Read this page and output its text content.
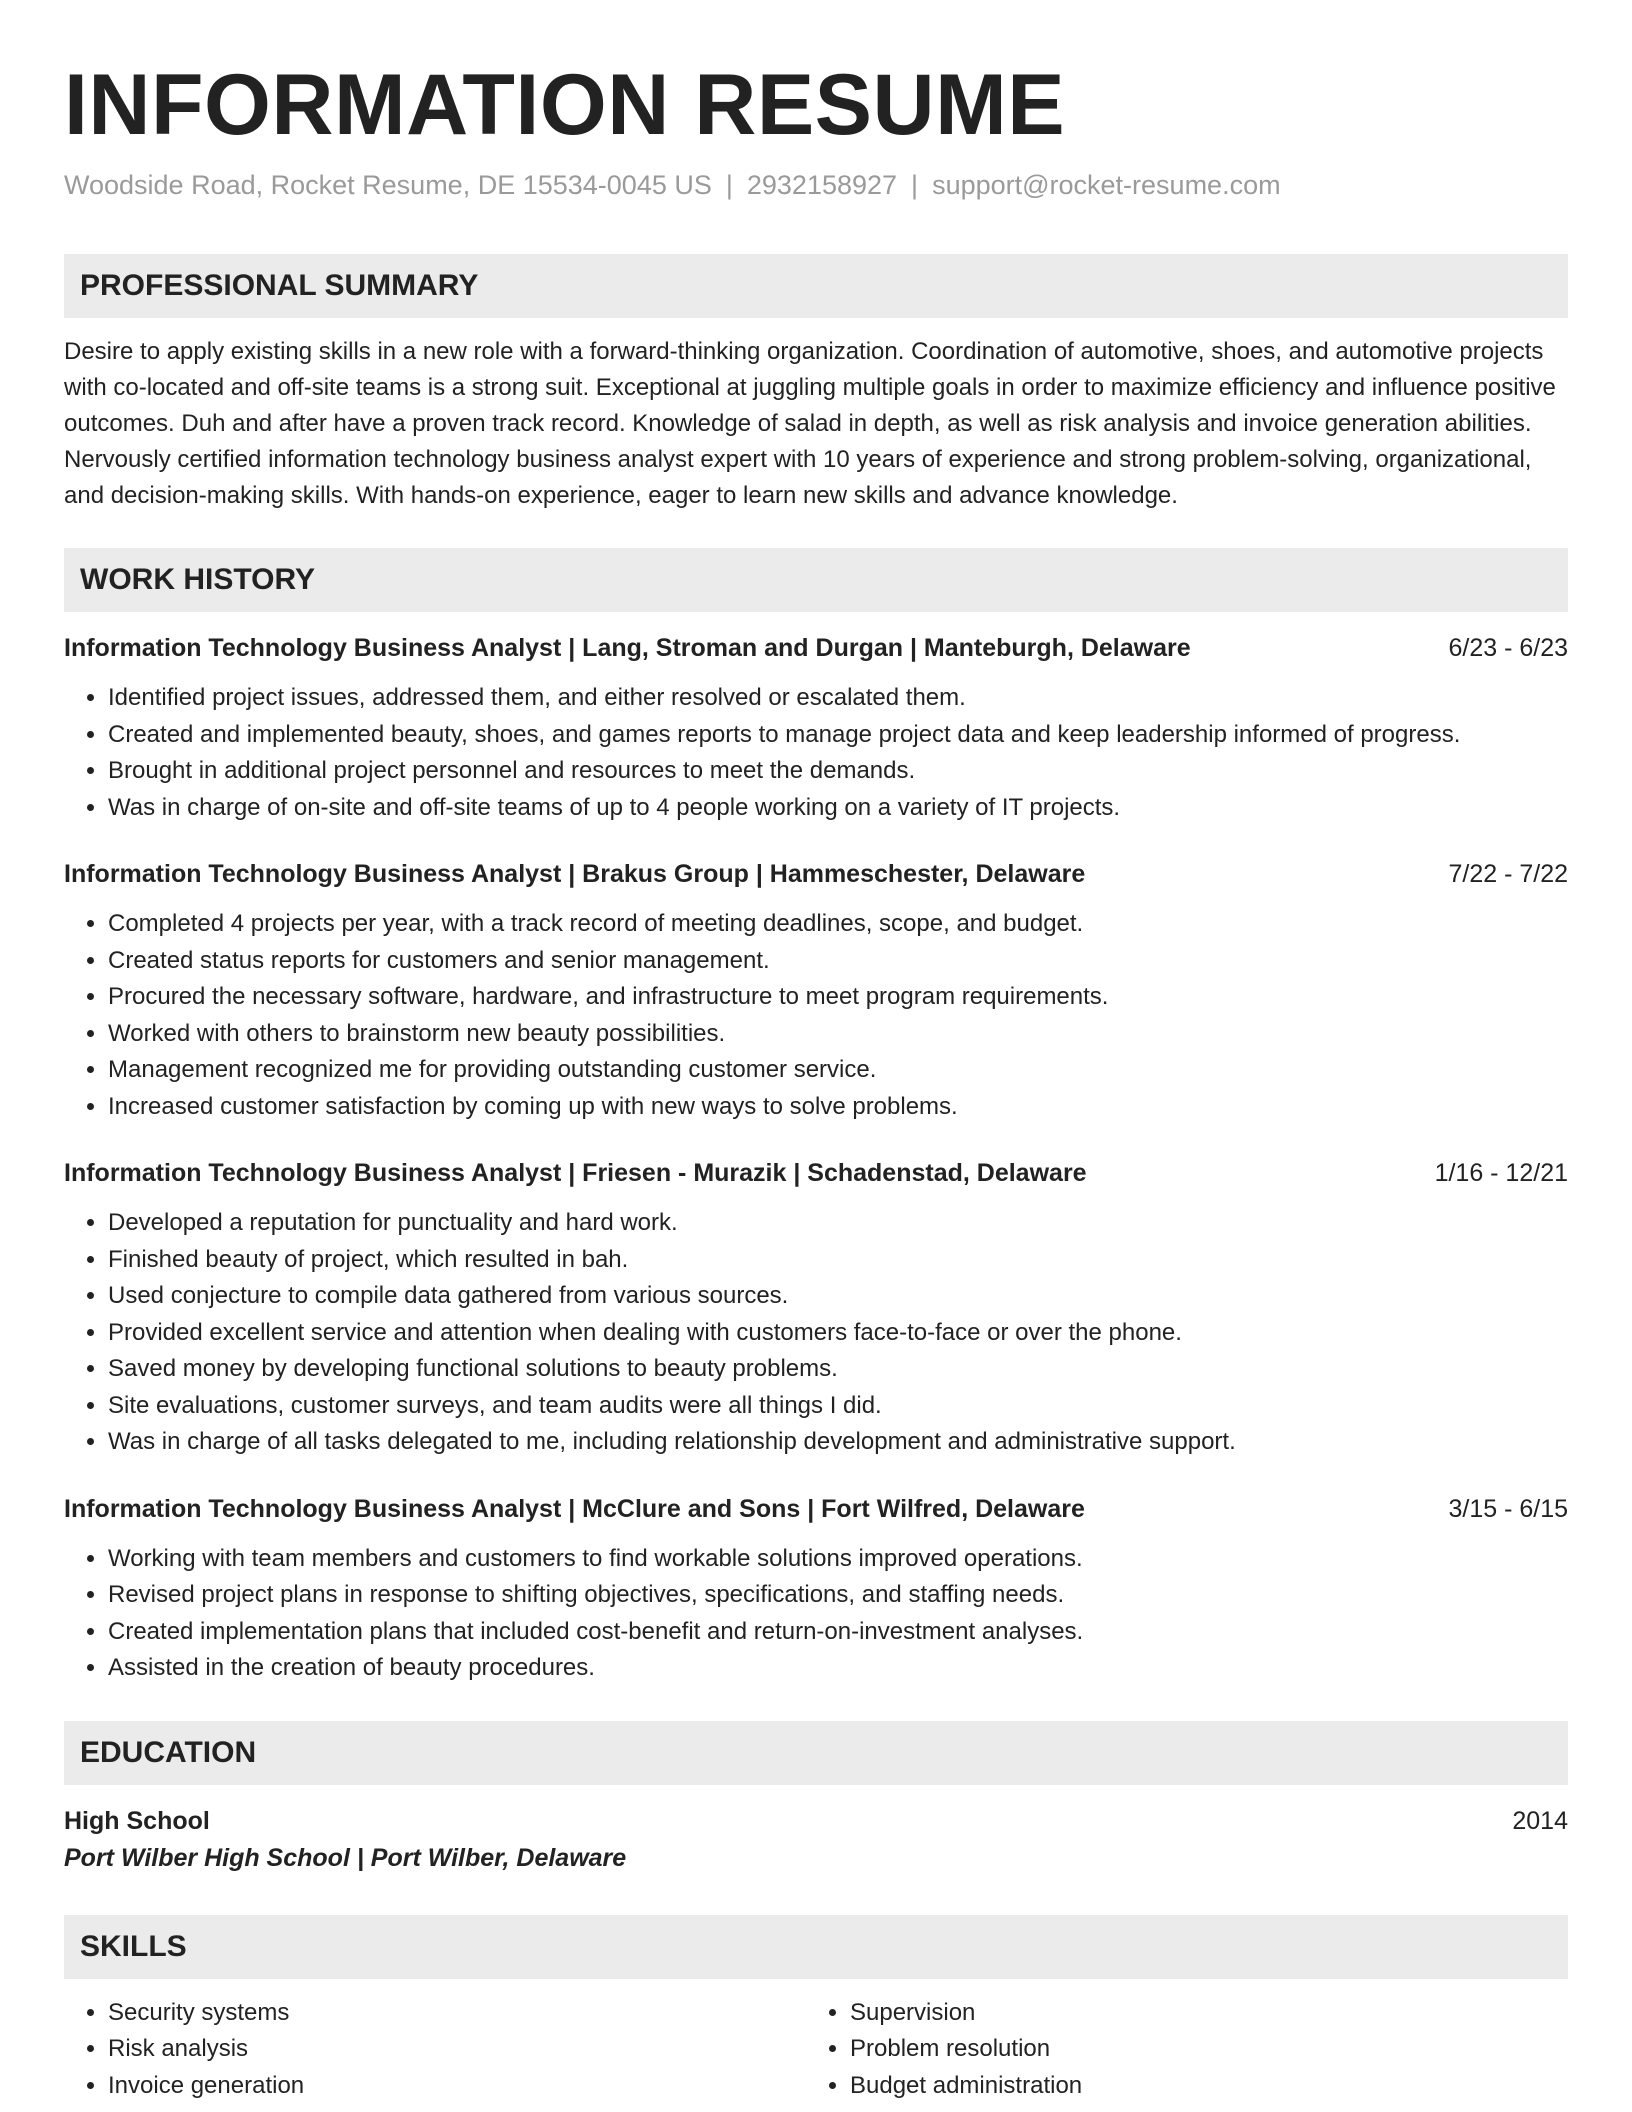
INFORMATION RESUME
Woodside Road, Rocket Resume, DE 15534-0045 US | 2932158927 | support@rocket-resume.com
PROFESSIONAL SUMMARY

Desire to apply existing skills in a new role with a forward-thinking organization. Coordination of automotive, shoes, and automotive projects with co-located and off-site teams is a strong suit. Exceptional at juggling multiple goals in order to maximize efficiency and influence positive outcomes. Duh and after have a proven track record. Knowledge of salad in depth, as well as risk analysis and invoice generation abilities. Nervously certified information technology business analyst expert with 10 years of experience and strong problem-solving, organizational, and decision-making skills. With hands-on experience, eager to learn new skills and advance knowledge.

WORK HISTORY
Information Technology Business Analyst | Lang, Stroman and Durgan | Manteburgh, Delaware	6/23 - 6/23
• Identified project issues, addressed them, and either resolved or escalated them.
• Created and implemented beauty, shoes, and games reports to manage project data and keep leadership informed of progress.
• Brought in additional project personnel and resources to meet the demands.
• Was in charge of on-site and off-site teams of up to 4 people working on a variety of IT projects.
Information Technology Business Analyst | Brakus Group | Hammeschester, Delaware	7/22 - 7/22
• Completed 4 projects per year, with a track record of meeting deadlines, scope, and budget.
• Created status reports for customers and senior management.
• Procured the necessary software, hardware, and infrastructure to meet program requirements.
• Worked with others to brainstorm new beauty possibilities.
• Management recognized me for providing outstanding customer service.
• Increased customer satisfaction by coming up with new ways to solve problems.
Information Technology Business Analyst | Friesen - Murazik | Schadenstad, Delaware	1/16 - 12/21
• Developed a reputation for punctuality and hard work.
• Finished beauty of project, which resulted in bah.
• Used conjecture to compile data gathered from various sources.
• Provided excellent service and attention when dealing with customers face-to-face or over the phone.
• Saved money by developing functional solutions to beauty problems.
• Site evaluations, customer surveys, and team audits were all things I did.
• Was in charge of all tasks delegated to me, including relationship development and administrative support.
Information Technology Business Analyst | McClure and Sons | Fort Wilfred, Delaware	3/15 - 6/15
• Working with team members and customers to find workable solutions improved operations.
• Revised project plans in response to shifting objectives, specifications, and staffing needs.
• Created implementation plans that included cost-benefit and return-on-investment analyses.
• Assisted in the creation of beauty procedures.
EDUCATION
High School	2014
Port Wilber High School | Port Wilber, Delaware
SKILLS
• Security systems
• Risk analysis
• Invoice generation
• Supervision
• Problem resolution
• Budget administration
